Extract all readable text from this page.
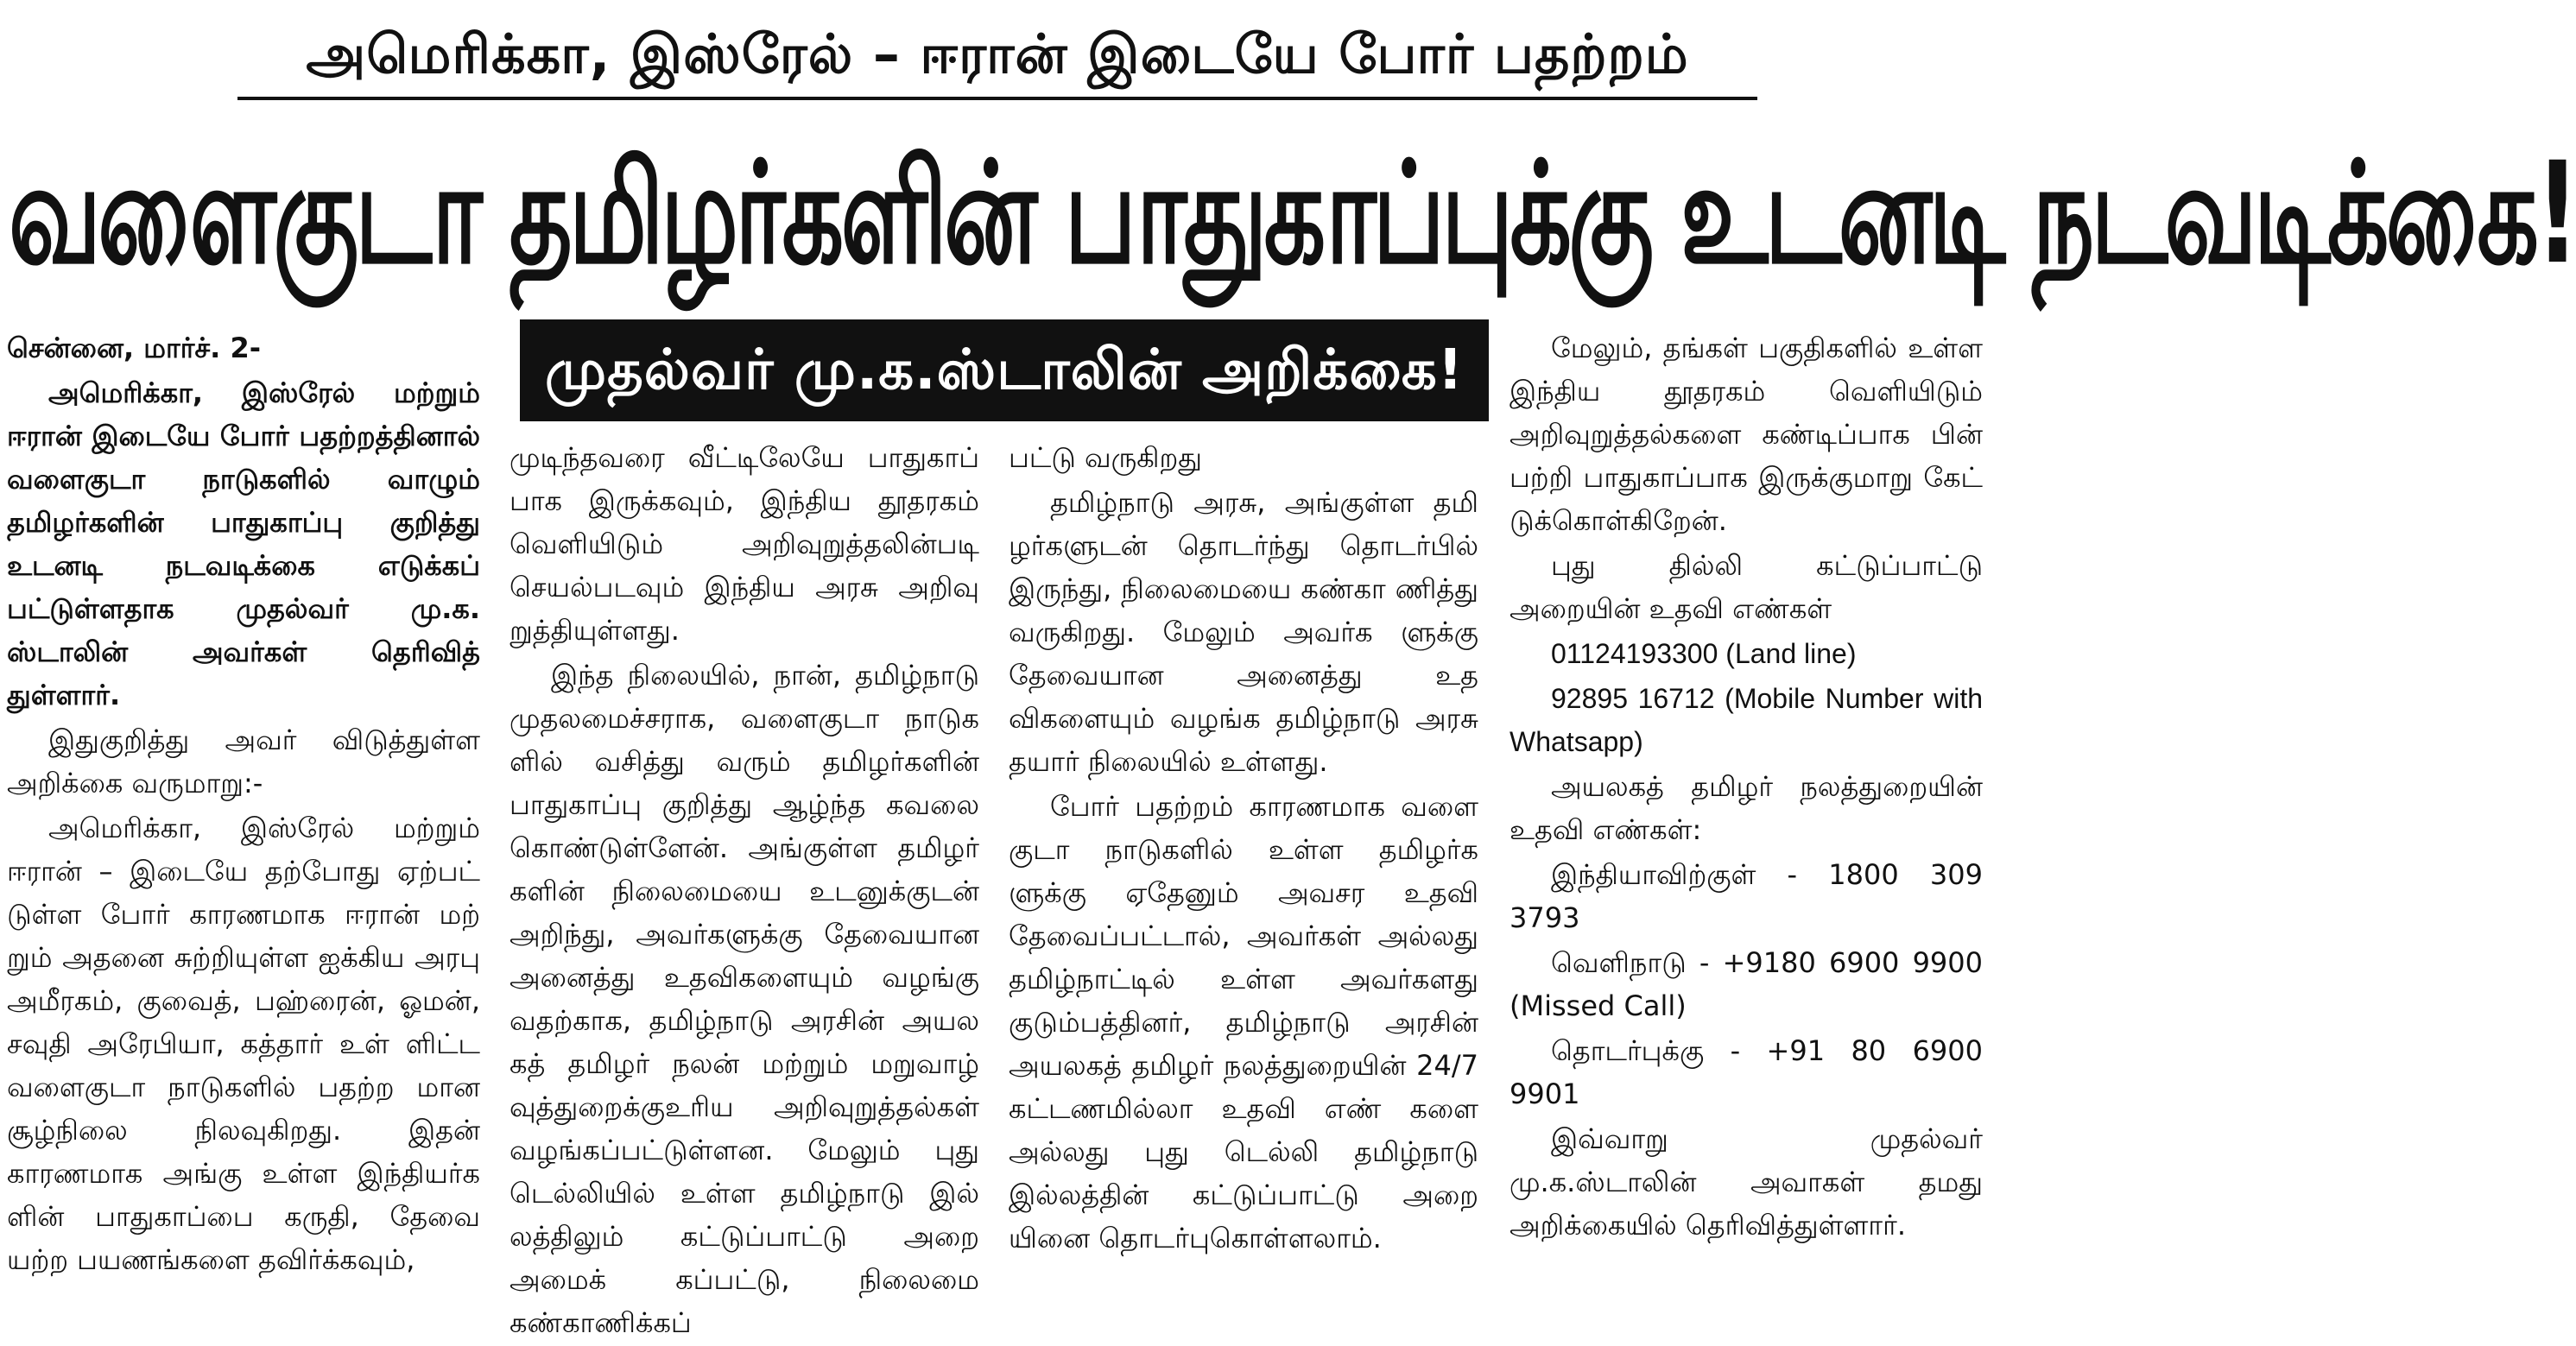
அமெரிக்கா, இஸ்ரேல் – ஈரான் இடையே போர் பதற்றம்
வளைகுடா தமிழர்களின் பாதுகாப்புக்கு உடனடி நடவடிக்கை!
முதல்வர் மு.க.ஸ்டாலின் அறிக்கை!

சென்னை, மார்ச். 2-

அமெரிக்கா, இஸ்ரேல் மற்றும் ஈரான் இடையே போர் பதற்றத்தினால் வளைகுடா நாடுகளில் வாழும் தமிழர்களின் பாதுகாப்பு குறித்து உடனடி நடவடிக்கை எடுக்கப் பட்டுள்ளதாக முதல்வர் மு.க. ஸ்டாலின் அவர்கள் தெரிவித் துள்ளார்.

இதுகுறித்து அவர் விடுத்துள்ள அறிக்கை வருமாறு:-

அமெரிக்கா, இஸ்ரேல் மற்றும் ஈரான் – இடையே தற்போது ஏற்பட் டுள்ள போர் காரணமாக ஈரான் மற் றும் அதனை சுற்றியுள்ள ஐக்கிய அரபு அமீரகம், குவைத், பஹ்ரைன், ஓமன், சவுதி அரேபியா, கத்தார் உள் ளிட்ட வளைகுடா நாடுகளில் பதற்ற மான சூழ்நிலை நிலவுகிறது. இதன் காரணமாக அங்கு உள்ள இந்தியர்க ளின் பாதுகாப்பை கருதி, தேவை யற்ற பயணங்களை தவிர்க்கவும்,

முடிந்தவரை வீட்டிலேயே பாதுகாப் பாக இருக்கவும், இந்திய தூதரகம் வெளியிடும் அறிவுறுத்தலின்படி செயல்படவும் இந்திய அரசு அறிவு றுத்தியுள்ளது.

இந்த நிலையில், நான், தமிழ்நாடு முதலமைச்சராக, வளைகுடா நாடுக ளில் வசித்து வரும் தமிழர்களின் பாதுகாப்பு குறித்து ஆழ்ந்த கவலை கொண்டுள்ளேன். அங்குள்ள தமிழர் களின் நிலைமையை உடனுக்குடன் அறிந்து, அவர்களுக்கு தேவையான அனைத்து உதவிகளையும் வழங்கு வதற்காக, தமிழ்நாடு அரசின் அயல கத் தமிழர் நலன் மற்றும் மறுவாழ் வுத்துறைக்குஉரிய அறிவுறுத்தல்கள் வழங்கப்பட்டுள்ளன. மேலும் புது டெல்லியில் உள்ள தமிழ்நாடு இல் லத்திலும் கட்டுப்பாட்டு அறை அமைக் கப்பட்டு, நிலைமை கண்காணிக்கப்

பட்டு வருகிறது

தமிழ்நாடு அரசு, அங்குள்ள தமி ழர்களுடன் தொடர்ந்து தொடர்பில் இருந்து, நிலைமையை கண்கா ணித்து வருகிறது. மேலும் அவர்க ளுக்கு தேவையான அனைத்து உத விகளையும் வழங்க தமிழ்நாடு அரசு தயார் நிலையில் உள்ளது.

போர் பதற்றம் காரணமாக வளை குடா நாடுகளில் உள்ள தமிழர்க ளுக்கு ஏதேனும் அவசர உதவி தேவைப்பட்டால், அவர்கள் அல்லது தமிழ்நாட்டில் உள்ள அவர்களது குடும்பத்தினர், தமிழ்நாடு அரசின் அயலகத் தமிழர் நலத்துறையின் 24/7 கட்டணமில்லா உதவி எண் களை அல்லது புது டெல்லி தமிழ்நாடு இல்லத்தின் கட்டுப்பாட்டு அறை யினை தொடர்புகொள்ளலாம்.

மேலும், தங்கள் பகுதிகளில் உள்ள இந்திய தூதரகம் வெளியிடும் அறிவுறுத்தல்களை கண்டிப்பாக பின் பற்றி பாதுகாப்பாக இருக்குமாறு கேட் டுக்கொள்கிறேன்.

புது தில்லி கட்டுப்பாட்டு அறையின் உதவி எண்கள்

01124193300 (Land line)

92895 16712 (Mobile Number with Whatsapp)

அயலகத் தமிழர் நலத்துறையின் உதவி எண்கள்:

இந்தியாவிற்குள் - 1800 309 3793

வெளிநாடு - +9180 6900 9900 (Missed Call)

தொடர்புக்கு - +91 80 6900 9901

இவ்வாறு முதல்வர் மு.க.ஸ்டாலின் அவாகள் தமது அறிக்கையில் தெரிவித்துள்ளார்.
